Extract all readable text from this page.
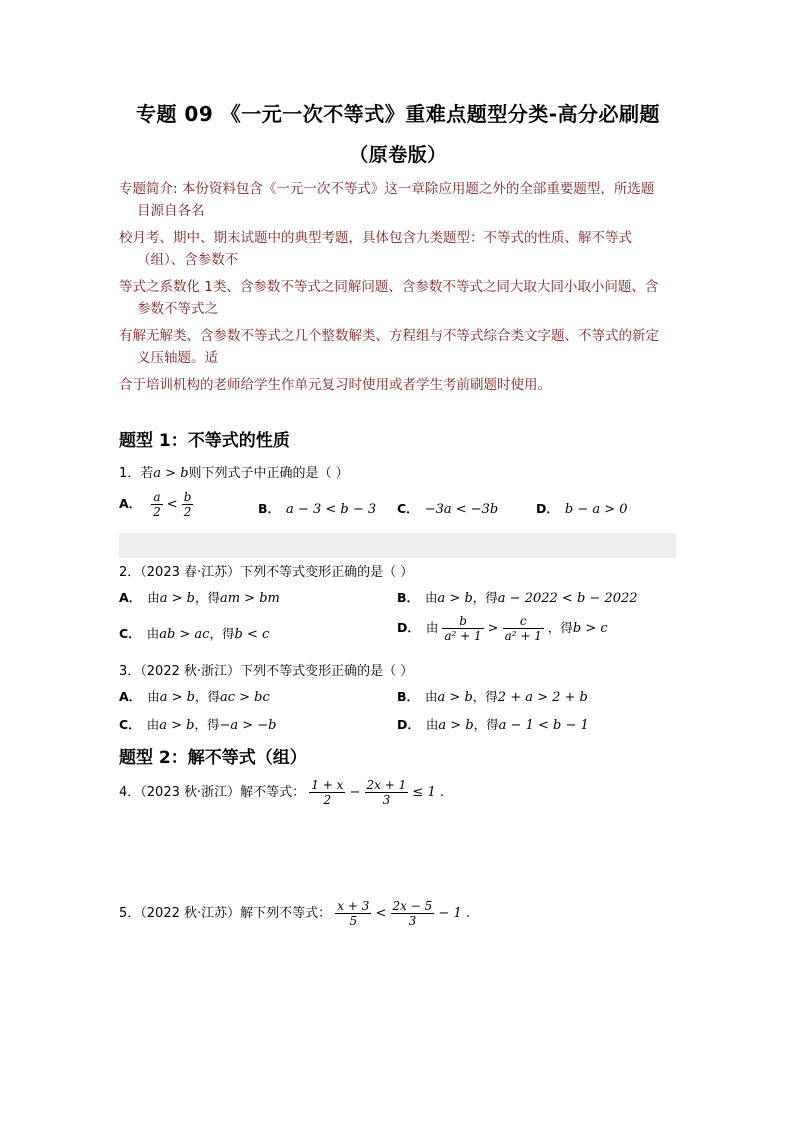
专题 09 《一元一次不等式》重难点题型分类-高分必刷题
（原卷版）
专题简介: 本份资料包含《一元一次不等式》这一章除应用题之外的全部重要题型，所选题
目源自各名
校月考、期中、期末试题中的典型考题，具体包含九类题型：不等式的性质、解不等式
（组）、含参数不
等式之系数化 1类、含参数不等式之同解问题、含参数不等式之同大取大同小取小问题、含
参数不等式之
有解无解类、含参数不等式之几个整数解类、方程组与不等式综合类文字题、不等式的新定
义压轴题。适
合于培训机构的老师给学生作单元复习时使用或者学生考前刷题时使用。
题型 1：不等式的性质
1．若a > b则下列式子中正确的是（ ）
A． $\frac{a}{2} < \frac{b}{2}$	B． a − 3 < b − 3 C． −3a < −3b	D． b − a > 0
2．（2023 春·江苏）下列不等式变形正确的是（ ）
A． 由a > b，得am > bm	B． 由a > b，得a − 2022 < b − 2022
C． 由ab > ac，得b < c	D． 由 $\frac{b}{\text{a² + 1}} > \frac{c}{\text{a² + 1}}$ ，得b > c
3．（2022 秋·浙江）下列不等式变形正确的是（ ）
A． 由a > b，得ac > bc	B． 由a > b，得2 + a > 2 + b
C． 由a > b，得−a > −b	D． 由a > b，得a − 1 < b − 1
题型 2：解不等式（组）
4．（2023 秋·浙江）解不等式： $\frac{1 + x}{2} - \frac{2x + 1}{3} \le 1$ .
5．（2022 秋·江苏）解下列不等式： $\frac{x + 3}{5} < \frac{2x - 5}{3} - 1$ .
